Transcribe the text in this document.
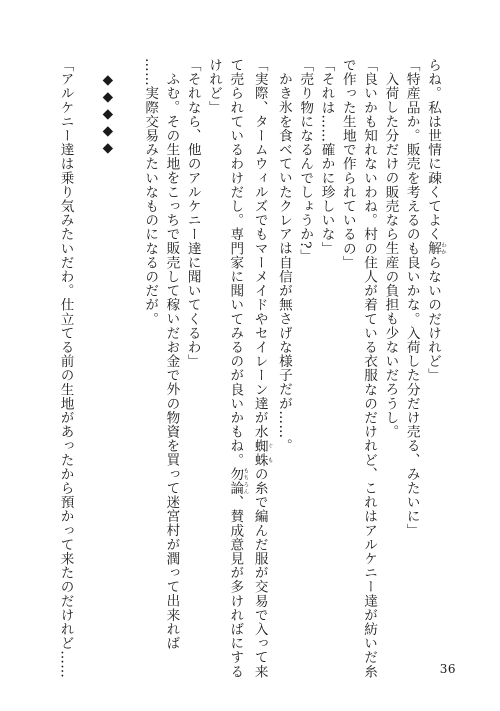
らね。私は世情に疎くてよく解 わからないのだけれど」
「特産品か。販売を考えるのも良いかな。入荷した分だけ売る、みたいに」
入荷した分だけの販売なら生産の負担も少ないだろうし。
「良いかも知れないわね。村の住人が着ている衣服なのだけれど、これはアルケニー達が紡いだ糸
で作った生地で作られているの」
「それは……確かに珍しいな」
「売り物になるんでしょうか?」
かき氷を食べていたクレアは自信が無さげな様子だが……。
「実際、タームウィルズでもマーメイドやセイレーン達が水蜘蛛 ぐもの糸で編んだ服が交易で入って来
て売られているわけだし。専門家に聞いてみるのが良いかもね。勿論 もちろん、賛成意見が多ければにする
けれど」
「それなら、他のアルケニー達に聞いてくるわ」
ふむ。その生地をこっちで販売して稼いだお金で外の物資を買って迷宮村が潤って出来れば
……実際交易みたいなものになるのだが。
◆◆◆◆◆
「アルケニー達は乗り気みたいだわ。仕立てる前の生地があったから預かって来たのだけれど……	36
